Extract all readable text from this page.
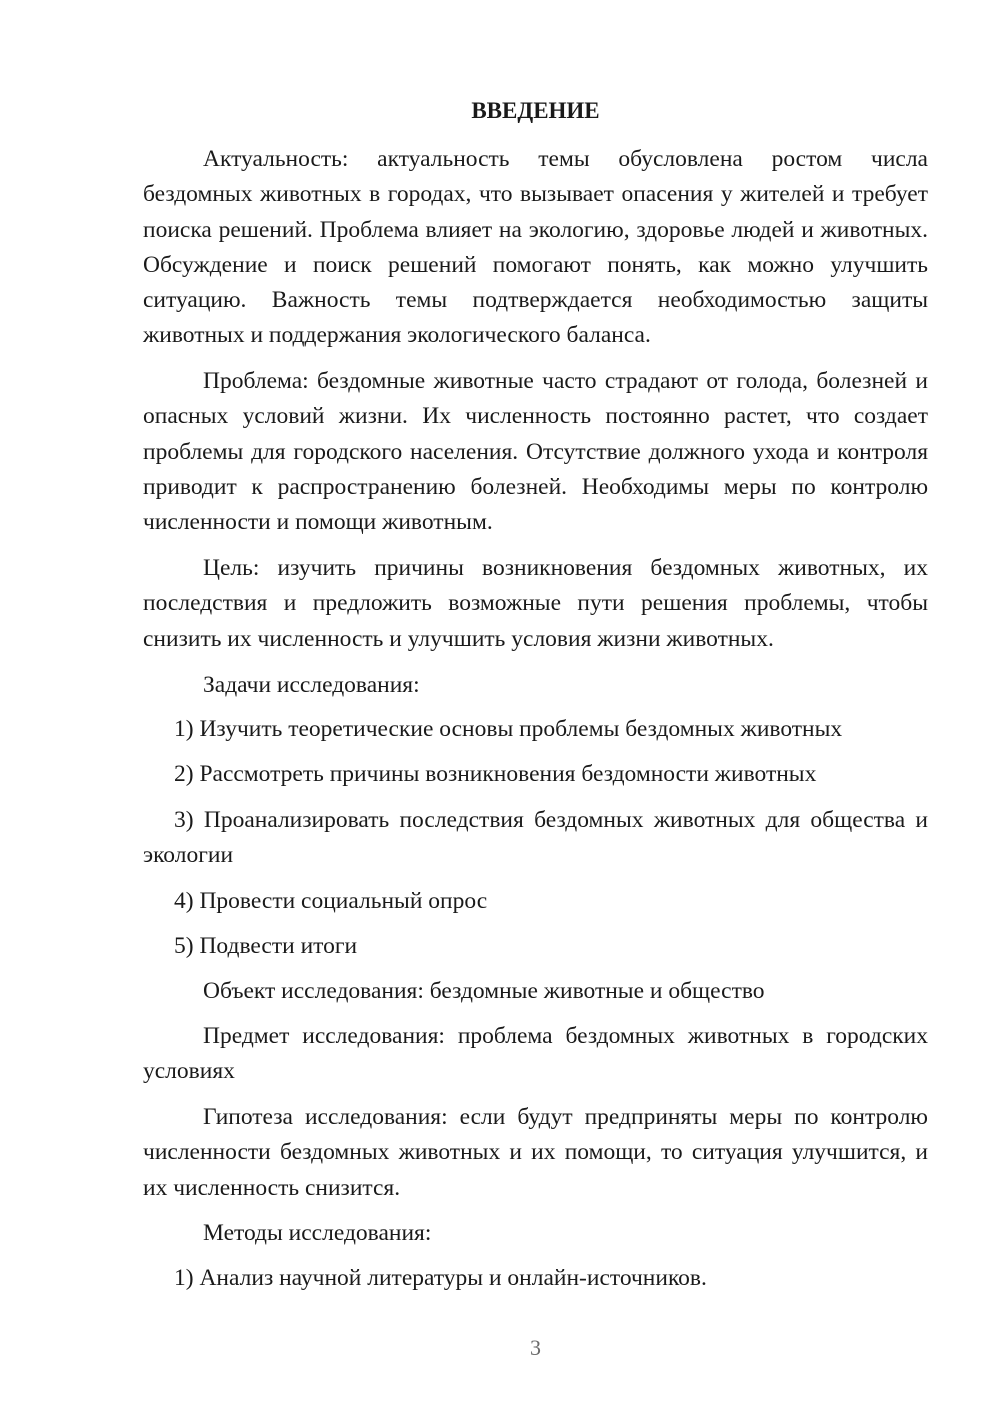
ВВЕДЕНИЕ

Актуальность: актуальность темы обусловлена ростом числа бездомных животных в городах, что вызывает опасения у жителей и требует поиска решений. Проблема влияет на экологию, здоровье людей и животных. Обсуждение и поиск решений помогают понять, как можно улучшить ситуацию. Важность темы подтверждается необходимостью защиты животных и поддержания экологического баланса.

Проблема: бездомные животные часто страдают от голода, болезней и опасных условий жизни. Их численность постоянно растет, что создает проблемы для городского населения. Отсутствие должного ухода и контроля приводит к распространению болезней. Необходимы меры по контролю численности и помощи животным.

Цель: изучить причины возникновения бездомных животных, их последствия и предложить возможные пути решения проблемы, чтобы снизить их численность и улучшить условия жизни животных.

Задачи исследования:

1) Изучить теоретические основы проблемы бездомных животных

2) Рассмотреть причины возникновения бездомности животных

3) Проанализировать последствия бездомных животных для общества и экологии

4) Провести социальный опрос

5) Подвести итоги

Объект исследования: бездомные животные и общество

Предмет исследования: проблема бездомных животных в городских условиях

Гипотеза исследования: если будут предприняты меры по контролю численности бездомных животных и их помощи, то ситуация улучшится, и их численность снизится.

Методы исследования:

1) Анализ научной литературы и онлайн-источников.

3
